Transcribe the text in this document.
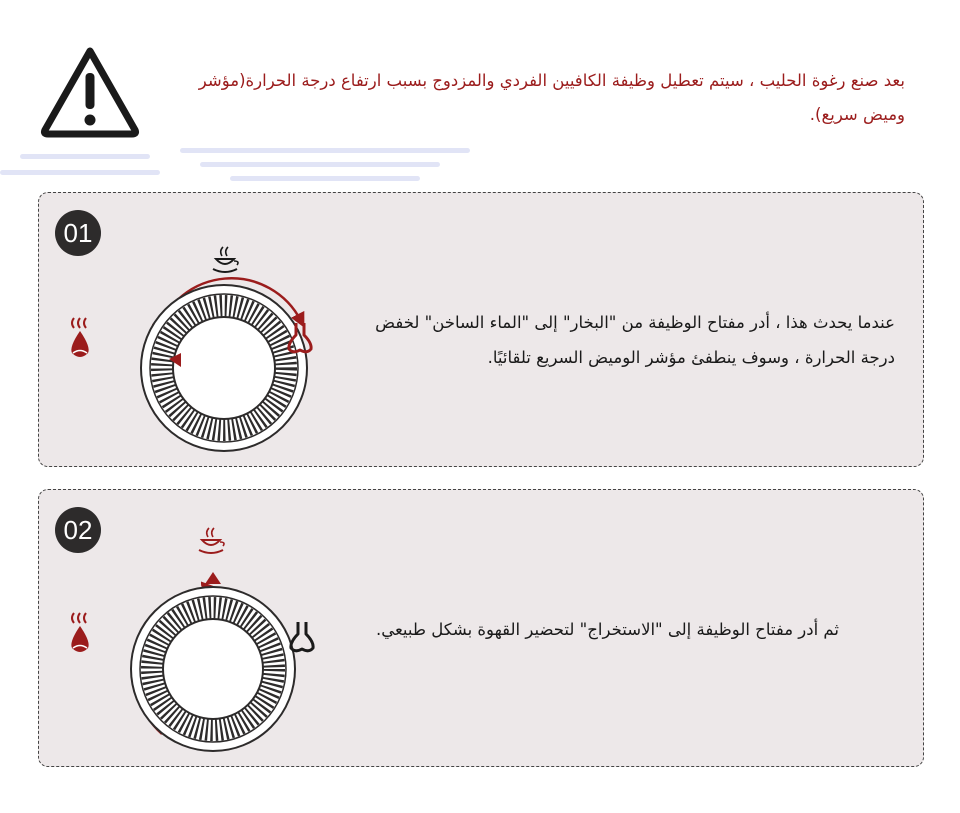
بعد صنع رغوة الحليب ، سيتم تعطيل وظيفة الكافيين الفردي والمزدوج بسبب ارتفاع درجة الحرارة(مؤشر وميض سريع).
01
عندما يحدث هذا ، أدر مفتاح الوظيفة من "البخار" إلى "الماء الساخن" لخفض درجة الحرارة ، وسوف ينطفئ مؤشر الوميض السريع تلقائيًا.
02
ثم أدر مفتاح الوظيفة إلى "الاستخراج" لتحضير القهوة بشكل طبيعي.
